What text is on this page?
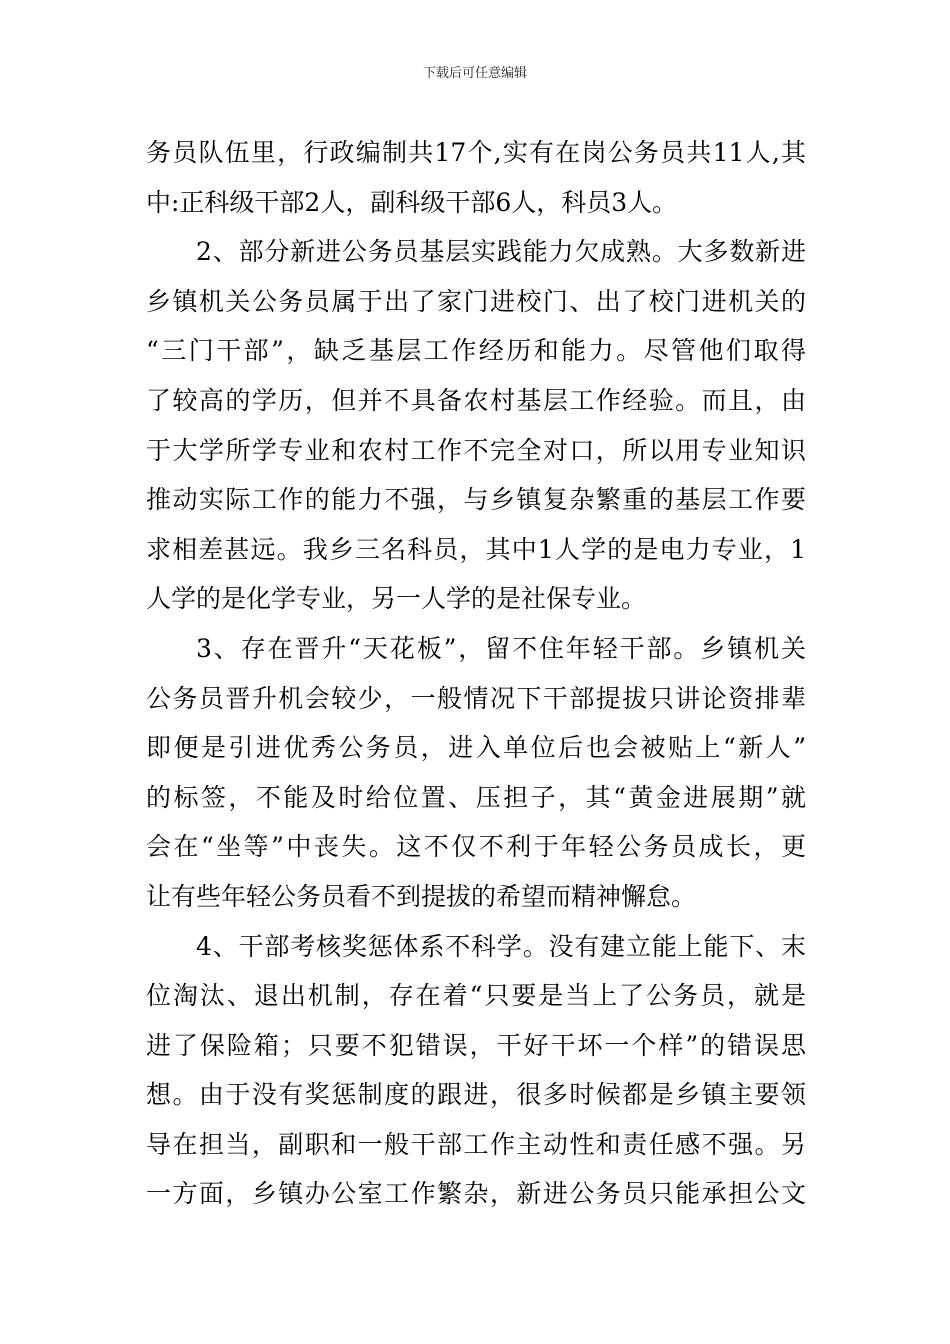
下载后可任意编辑
务员队伍里，行政编制共17个,实有在岗公务员共11人,其
中:正科级干部2人，副科级干部6人，科员3人。
2、部分新进公务员基层实践能力欠成熟。大多数新进
乡镇机关公务员属于出了家门进校门、出了校门进机关的
“三门干部”，缺乏基层工作经历和能力。尽管他们取得
了较高的学历，但并不具备农村基层工作经验。而且，由
于大学所学专业和农村工作不完全对口，所以用专业知识
推动实际工作的能力不强，与乡镇复杂繁重的基层工作要
求相差甚远。我乡三名科员，其中1人学的是电力专业，1
人学的是化学专业，另一人学的是社保专业。
3、存在晋升“天花板”，留不住年轻干部。乡镇机关
公务员晋升机会较少，一般情况下干部提拔只讲论资排辈
即便是引进优秀公务员，进入单位后也会被贴上“新人”
的标签，不能及时给位置、压担子，其“黄金进展期”就
会在“坐等”中丧失。这不仅不利于年轻公务员成长，更
让有些年轻公务员看不到提拔的希望而精神懈怠。
4、干部考核奖惩体系不科学。没有建立能上能下、末
位淘汰、退出机制，存在着“只要是当上了公务员，就是
进了保险箱；只要不犯错误，干好干坏一个样”的错误思
想。由于没有奖惩制度的跟进，很多时候都是乡镇主要领
导在担当，副职和一般干部工作主动性和责任感不强。另
一方面，乡镇办公室工作繁杂，新进公务员只能承担公文
